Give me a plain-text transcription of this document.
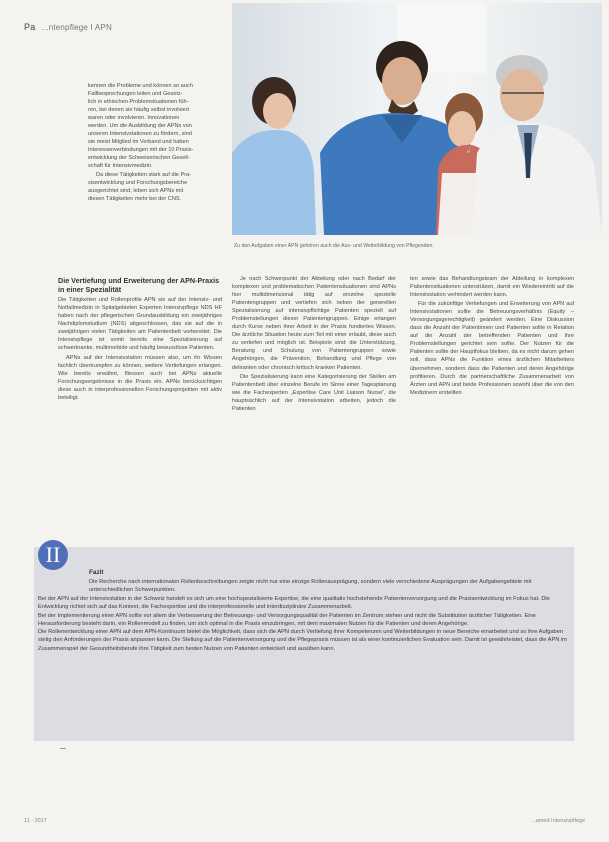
Pa ...ntenpflege I APN
© ...
Zu den Aufgaben einer APN gehören auch die Aus- und Weiterbildung von Pflegenden.
kennen die Probleme und können so auch
Fallbesprechungen leiten und Gesetz-
lich in ethischen Problemsituationen füh-
ren, bei denen sie häufig selbst involviert
waren oder involvieren. Innovationen
werden. Um die Ausbildung der APNs von
unseren Intensivstationen zu fördern, sind
sie meist Mitglied im Verband und haben
Interessenverbindungen mit der 10 Praxis-
entwicklung der Schweizerischen Gesell-
schaft für Intensivmedizin.
Da diese Tätigkeiten stark auf die Pra-
xisentwicklung und Forschungsbereiche
ausgerichtet sind, leben sich APNs mit
diesen Tätigkeiten mehr bei der CNS.
Die Vertiefung und Erweiterung der APN-Praxis in einer Spezialität

Die Tätigkeiten und Rollenprofile APN sie auf der Intensiv- und Notfallmedizin in Spitalgebieten Experten Intensivpflege NDS HF haben nach der pflegerischen Grundausbildung ein zweijähriges Nachdiplomstudium (NDS) abgeschlossen, das sie auf die in zweijährigen vielen Tätigkeiten am Patientenbett vorbereitet. Die Intensivpflege ist somit bereits eine Spezialisierung auf schwerkranke, multimorbide und häufig bewusstlose Patienten.

APNs auf der Intensivstation müssen also, um ihr Wissen fachlich übertrumpfen zu können, weitere Vertiefungen erlangen. Wie bereits erwähnt, fliessen auch bei APNs aktuelle Forschungsergebnisse in die Praxis ein. APNs berücksichtigen diese auch in interprofessionellen Forschungsprojekten mit aktiv beteiligt.

Je nach Schwerpunkt der Abteilung oder nach Bedarf der komplexen und problematischen Patientensituationen sind APNs hier multidimensional tätig auf einzelne spezielle Patientengruppen und vertiefen sich neben der generellen Spezialisierung auf intensivpflichtige Patienten speziell auf Problemstellungen dieser Patientengruppen. Einige erlangen durch Kurse neben ihrer Arbeit in der Praxis fundiertes Wissen. Die ärztliche Situation heute zum Teil mit einer erlaubt, diese auch zu vertiefen und möglich ist. Beispiele sind: die Unterstützung, Beratung und Schulung von Patientengruppen sowie Angehörigen, die Prävention, Behandlung und Pflege von deliranten oder chronisch kritisch kranken Patienten.

Die Spezialisierung kann eine Kategorisierung der Stellen am Patientenbett über einzelne Berufe im Sinne einer Tagesplanung wie die Fachexperten „Expertise Care Unit Liaison Nurse“, die hauptsächlich auf der Intensivstation arbeiten, jedoch die Patienten

ten sowie das Behandlungsteam der Abteilung in komplexen Patientensituationen unterstützen, damit ein Wiedereintritt auf die Intensivstation verhindert werden kann.

Für die zukünftige Vertiefungen und Erweiterung von APN auf Intensivstationen sollte die Betreuungsverhältnis (Equity – Versorgungsgerechtigkeit) geändert werden. Eine Diskussion dass die Anzahl der Patientinnen und Patienten sollte in Relation auf die Anzahl der betreffenden Patienten und ihre Problemstellungen gerichtet sein sollte. Der Nutzen für die Patienten sollte der Hauptfokus bleiben, da es nicht darum gehen soll, dass APNs die Funktion eines ärztlichen Mitarbeiters übernehmen, sondern dass die Patienten und deren Angehörige profitieren. Durch die partnerschaftliche Zusammenarbeit von Ärzten und APN und beide Professionen sowohl über die von den Medizinern erstellten

II
Fazit

Die Recherche nach internationalen Rollenbeschreibungen zeigte nicht nur eine einzige Rollenausprägung, sondern viele verschiedene Ausprägungen der Aufgabengebiete mit unterschiedlichen Schwerpunkten.

Bei der APN auf der Intensivstation in der Schweiz handelt es sich um eine hochspezialisierte Expertise, die eine qualitativ hochstehende Patientenversorgung und die Praxisentwicklung im Fokus hat. Die Entwicklung richtet sich auf das Kontext, die Fachexpertise und die interprofessionelle und interdisziplinäre Zusammenarbeit.

Bei der Implementierung einer APN sollte vor allem die Verbesserung der Betreuungs- und Versorgungsqualität der Patienten im Zentrum stehen und nicht die Substitution ärztlicher Tätigkeiten. Eine Herausforderung besteht darin, ein Rollenmodell zu finden, um sich optimal in die Praxis einzubringen, mit dem maximalen Nutzen für die Patienten und deren Angehörige.

Die Rollenentwicklung einer APN auf dem APN-Kontinuum bietet die Möglichkeit, dass sich die APN durch Vertiefung ihrer Kompetenzen und Weiterbildungen in neue Bereiche einarbeitet und so ihre Aufgaben stetig den Anforderungen der Praxis anpassen kann. Die Stellung auf die Patientenversorgung und die Pflegepraxis müssen ist als einer kontinuierlichen Evaluation sein. Damit ist gewährleistet, dass die APN im Zusammenspiel der Gesundheitsberufe ihre Tätigkeit zum besten Nutzen von Patienten entwickelt und ausüben kann.

11 · 2017	...amed Intensivpflege
